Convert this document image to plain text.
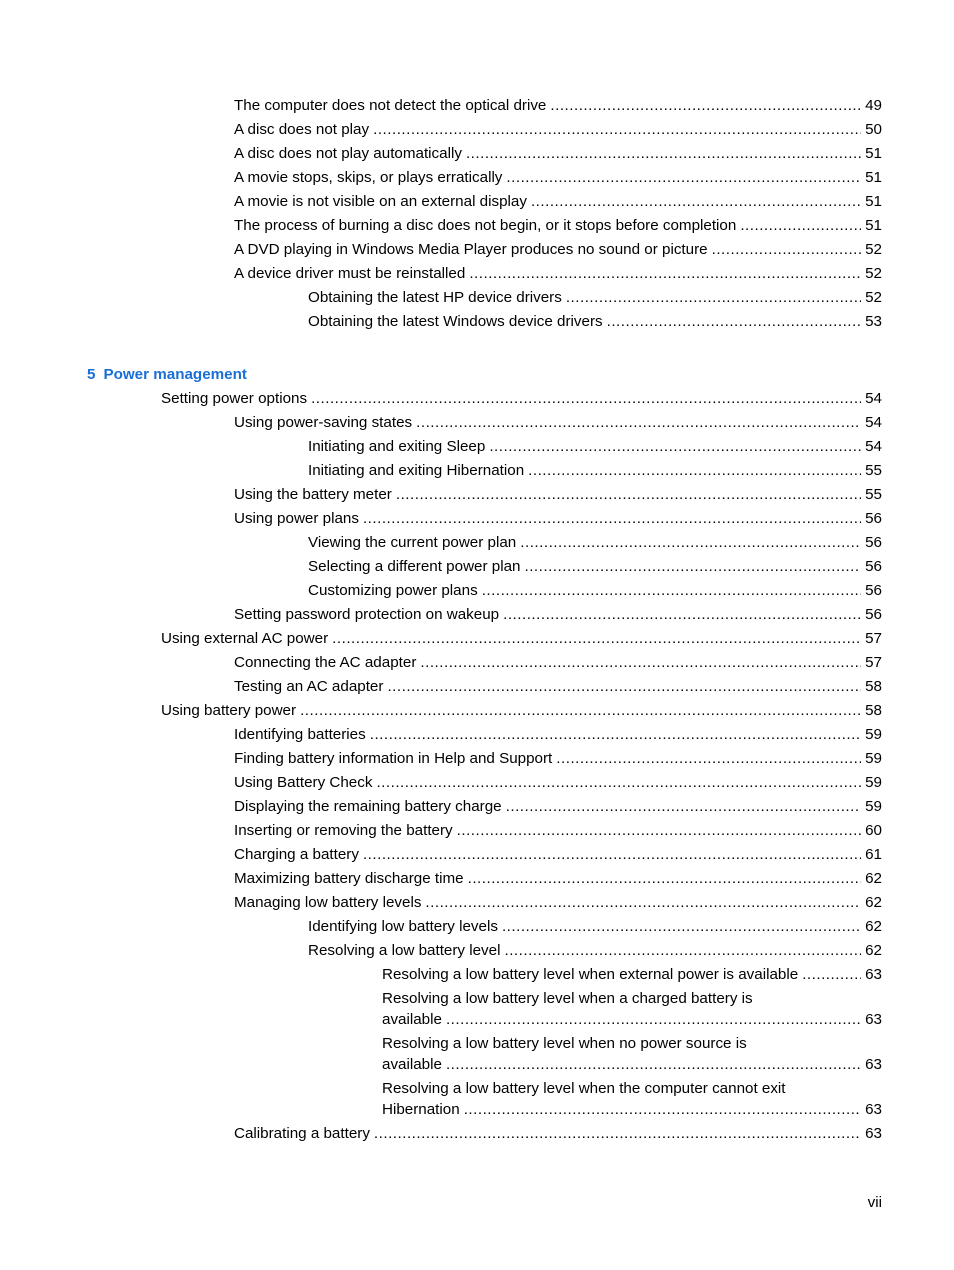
The computer does not detect the optical drive .....	49
A disc does not play .....	50
A disc does not play automatically .....	51
A movie stops, skips, or plays erratically .....	51
A movie is not visible on an external display .....	51
The process of burning a disc does not begin, or it stops before completion .....	51
A DVD playing in Windows Media Player produces no sound or picture .....	52
A device driver must be reinstalled .....	52
Obtaining the latest HP device drivers .....	52
Obtaining the latest Windows device drivers .....	53
5 Power management
Setting power options .....	54
Using power-saving states .....	54
Initiating and exiting Sleep .....	54
Initiating and exiting Hibernation .....	55
Using the battery meter .....	55
Using power plans .....	56
Viewing the current power plan .....	56
Selecting a different power plan .....	56
Customizing power plans .....	56
Setting password protection on wakeup .....	56
Using external AC power .....	57
Connecting the AC adapter .....	57
Testing an AC adapter .....	58
Using battery power .....	58
Identifying batteries .....	59
Finding battery information in Help and Support .....	59
Using Battery Check .....	59
Displaying the remaining battery charge .....	59
Inserting or removing the battery .....	60
Charging a battery .....	61
Maximizing battery discharge time .....	62
Managing low battery levels .....	62
Identifying low battery levels .....	62
Resolving a low battery level .....	62
Resolving a low battery level when external power is available .....	63
Resolving a low battery level when a charged battery is
available .....	63
Resolving a low battery level when no power source is
available .....	63
Resolving a low battery level when the computer cannot exit
Hibernation .....	63
Calibrating a battery .....	63
vii
